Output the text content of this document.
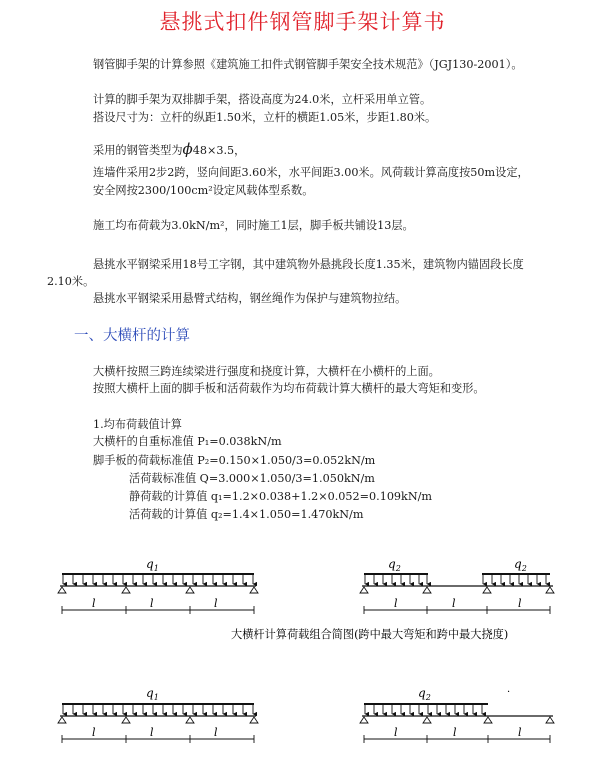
悬挑式扣件钢管脚手架计算书
钢管脚手架的计算参照《建筑施工扣件式钢管脚手架安全技术规范》（JGJ130-2001）。
计算的脚手架为双排脚手架，搭设高度为24.0米，立杆采用单立管。
搭设尺寸为：立杆的纵距1.50米，立杆的横距1.05米，步距1.80米。
采用的钢管类型为ϕ48×3.5，
连墙件采用2步2跨，竖向间距3.60米，水平间距3.00米。风荷载计算高度按50m设定，
安全网按2300/100cm²设定风载体型系数。
施工均布荷载为3.0kN/m²，同时施工1层，脚手板共铺设13层。
悬挑水平钢梁采用18号工字钢，其中建筑物外悬挑段长度1.35米，建筑物内锚固段长度
2.10米。
悬挑水平钢梁采用悬臂式结构，钢丝绳作为保护与建筑物拉结。
一、大横杆的计算
大横杆按照三跨连续梁进行强度和挠度计算，大横杆在小横杆的上面。
按照大横杆上面的脚手板和活荷载作为均布荷载计算大横杆的最大弯矩和变形。
1.均布荷载值计算
大横杆的自重标准值 P₁=0.038kN/m
脚手板的荷载标准值 P₂=0.150×1.050/3=0.052kN/m
活荷载标准值 Q=3.000×1.050/3=1.050kN/m
静荷载的计算值 q₁=1.2×0.038+1.2×0.052=0.109kN/m
活荷载的计算值 q₂=1.4×1.050=1.470kN/m
$q_1$
l	l	l
$q_2$	$q_2$
l	l	l
大横杆计算荷载组合简图(跨中最大弯矩和跨中最大挠度)
$q_1$
l	l	l
$q_2$
l	l	l
·
